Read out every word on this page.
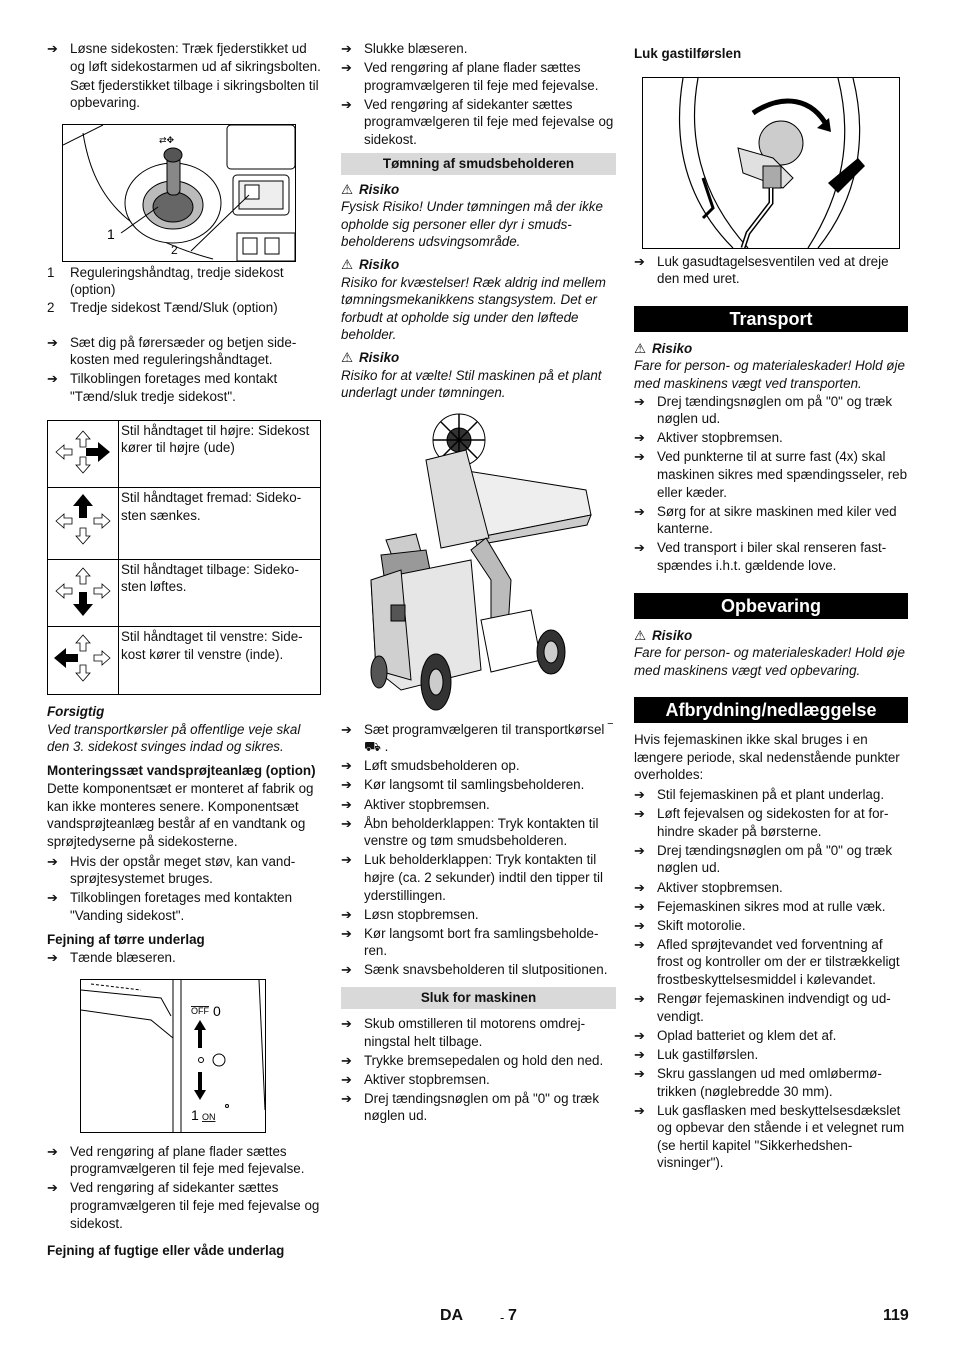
➔ Løsne sidekosten: Træk fjederstikket ud og løft sidekostarmen ud af sikringsbolten.
Sæt fjederstikket tilbage i sikringsbolten til opbevaring.
⇄✥
1
2
1 Reguleringshåndtag, tredje sidekost (option)
2 Tredje sidekost Tænd/Sluk (option)
➔ Sæt dig på førersæder og betjen sidekosten med reguleringshåndtaget.
➔ Tilkoblingen foretages med kontakt "Tænd/sluk tredje sidekost".
	Stil håndtaget til højre: Sidekost kører til højre (ude)
	Stil håndtaget fremad: Sidekosten sænkes.
	Stil håndtaget tilbage: Sidekosten løftes.
	Stil håndtaget til venstre: Sidekost kører til venstre (inde).
Forsigtig
Ved transportkørsler på offentlige veje skal den 3. sidekost svinges indad og sikres.
Monteringssæt vandsprøjteanlæg (option)
Dette komponentsæt er monteret af fabrik og kan ikke monteres senere. Komponentsæt vandsprøjteanlæg består af en vandtank og sprøjtedyserne på sidekosterne.
➔ Hvis der opstår meget støv, kan vandsprøjtesystemet bruges.
➔ Tilkoblingen foretages med kontakten "Vanding sidekost".
Fejning af tørre underlag
➔ Tænde blæseren.
OFF 0
1 ON
➔ Ved rengøring af plane flader sættes programvælgeren til feje med fejevalse.
➔ Ved rengøring af sidekanter sættes programvælgeren til feje med fejevalse og sidekost.
Fejning af fugtige eller våde underlag
➔ Slukke blæseren.
➔ Ved rengøring af plane flader sættes programvælgeren til feje med fejevalse.
➔ Ved rengøring af sidekanter sættes programvælgeren til feje med fejevalse og sidekost.
Tømning af smudsbeholderen
⚠ Risiko
Fysisk Risiko! Under tømningen må der ikke opholde sig personer eller dyr i smudsbeholderens udsvingsområde.
⚠ Risiko
Risiko for kvæstelser! Ræk aldrig ind mellem tømningsmekanikkens stangsystem. Det er forbudt at opholde sig under den løftede beholder.
⚠ Risiko
Risiko for at vælte! Stil maskinen på et plant underlagt under tømningen.
➔ Sæt programvælgeren til transportkørsel ‾⛟ .
➔ Løft smudsbeholderen op.
➔ Kør langsomt til samlingsbeholderen.
➔ Aktiver stopbremsen.
➔ Åbn beholderklappen: Tryk kontakten til venstre og tøm smudsbeholderen.
➔ Luk beholderklappen: Tryk kontakten til højre (ca. 2 sekunder) indtil den tipper til yderstillingen.
➔ Løsn stopbremsen.
➔ Kør langsomt bort fra samlingsbeholderen.
➔ Sænk snavsbeholderen til slutpositionen.
Sluk for maskinen
➔ Skub omstilleren til motorens omdrejningstal helt tilbage.
➔ Trykke bremsepedalen og hold den ned.
➔ Aktiver stopbremsen.
➔ Drej tændingsnøglen om på "0" og træk nøglen ud.
Luk gastilførslen
➔ Luk gasudtagelsesventilen ved at dreje den med uret.
Transport
⚠ Risiko
Fare for person- og materialeskader! Hold øje med maskinens vægt ved transporten.
➔ Drej tændingsnøglen om på "0" og træk nøglen ud.
➔ Aktiver stopbremsen.
➔ Ved punkterne til at surre fast (4x) skal maskinen sikres med spændingsseler, reb eller kæder.
➔ Sørg for at sikre maskinen med kiler ved kanterne.
➔ Ved transport i biler skal renseren fastspændes i.h.t. gældende love.
Opbevaring
⚠ Risiko
Fare for person- og materialeskader! Hold øje med maskinens vægt ved opbevaring.
Afbrydning/nedlæggelse
Hvis fejemaskinen ikke skal bruges i en længere periode, skal nedenstående punkter overholdes:
➔ Stil fejemaskinen på et plant underlag.
➔ Løft fejevalsen og sidekosten for at forhindre skader på børsterne.
➔ Drej tændingsnøglen om på "0" og træk nøglen ud.
➔ Aktiver stopbremsen.
➔ Fejemaskinen sikres mod at rulle væk.
➔ Skift motorolie.
➔ Afled sprøjtevandet ved forventning af frost og kontroller om der er tilstrækkeligt frostbeskyttelsesmiddel i kølevandet.
➔ Rengør fejemaskinen indvendigt og udvendigt.
➔ Oplad batteriet og klem det af.
➔ Luk gastilførslen.
➔ Skru gasslangen ud med omløbermøtrikken (nøglebredde 30 mm).
➔ Luk gasflasken med beskyttelsesdækslet og opbevar den stående i et velegnet rum (se hertil kapitel "Sikkerhedshenvisninger").
DA	- 7	119
